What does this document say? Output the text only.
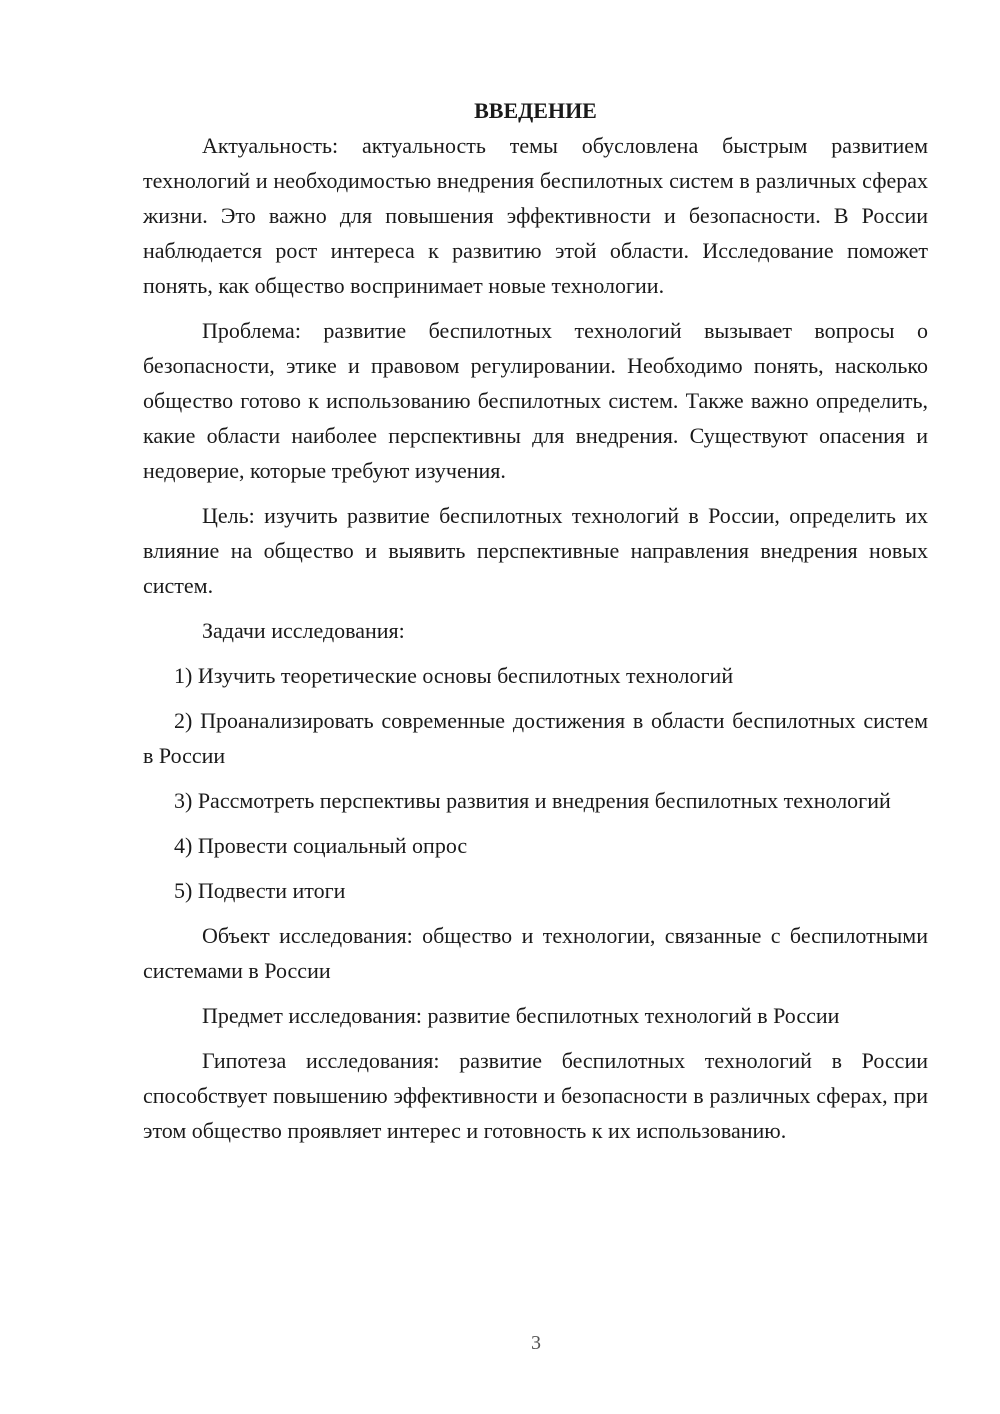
ВВЕДЕНИЕ

Актуальность: актуальность темы обусловлена быстрым развитием технологий и необходимостью внедрения беспилотных систем в различных сферах жизни. Это важно для повышения эффективности и безопасности. В России наблюдается рост интереса к развитию этой области. Исследование поможет понять, как общество воспринимает новые технологии.

Проблема: развитие беспилотных технологий вызывает вопросы о безопасности, этике и правовом регулировании. Необходимо понять, насколько общество готово к использованию беспилотных систем. Также важно определить, какие области наиболее перспективны для внедрения. Существуют опасения и недоверие, которые требуют изучения.

Цель: изучить развитие беспилотных технологий в России, определить их влияние на общество и выявить перспективные направления внедрения новых систем.

Задачи исследования:

1) Изучить теоретические основы беспилотных технологий

2) Проанализировать современные достижения в области беспилотных систем в России

3) Рассмотреть перспективы развития и внедрения беспилотных технологий

4) Провести социальный опрос

5) Подвести итоги

Объект исследования: общество и технологии, связанные с беспилотными системами в России

Предмет исследования: развитие беспилотных технологий в России

Гипотеза исследования: развитие беспилотных технологий в России способствует повышению эффективности и безопасности в различных сферах, при этом общество проявляет интерес и готовность к их использованию.

3
